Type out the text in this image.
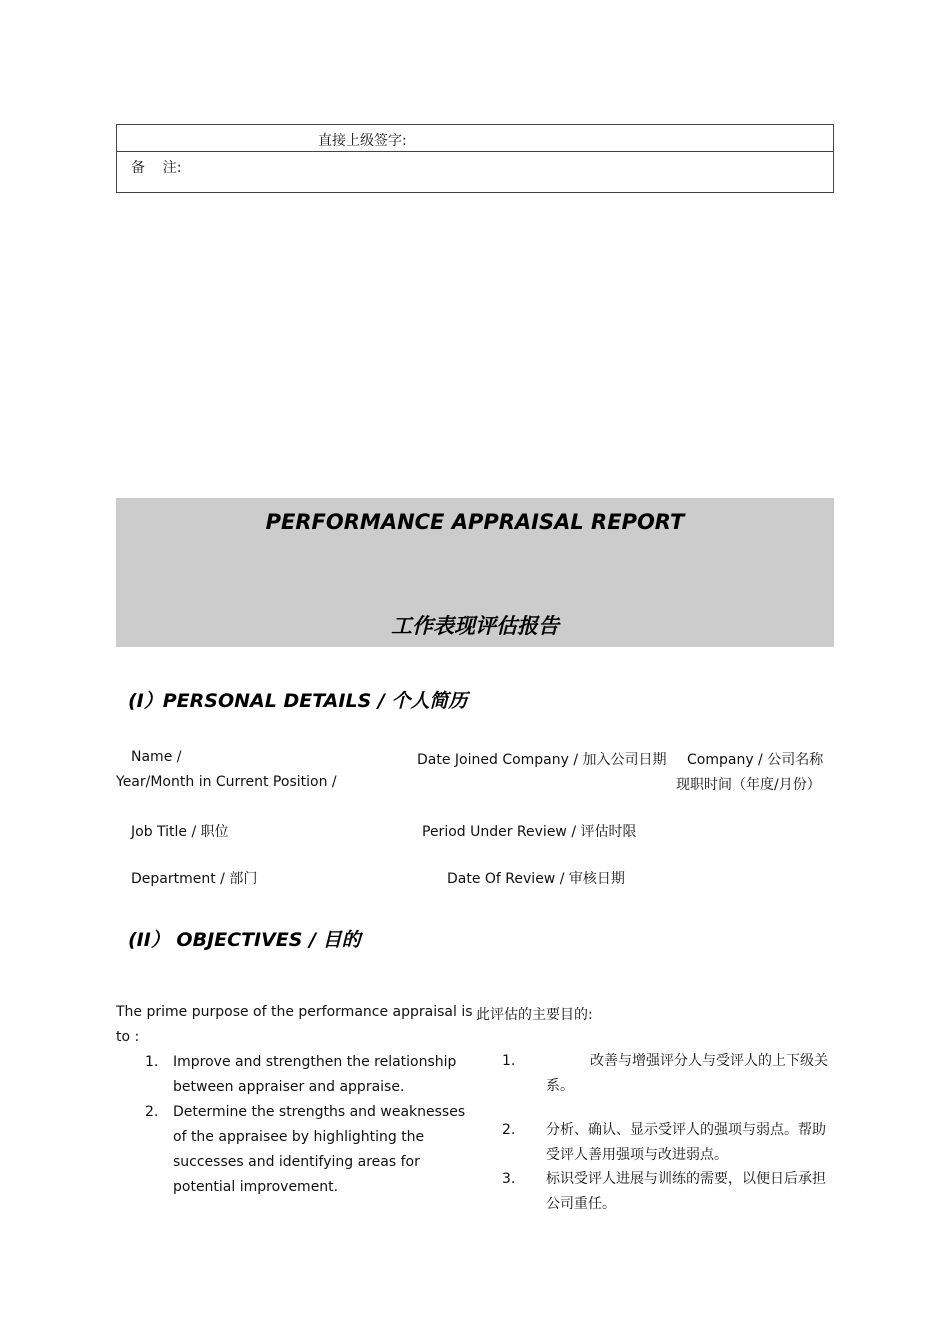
直接上级签字:
备    注:
PERFORMANCE APPRAISAL REPORT
工作表现评估报告
(I）PERSONAL DETAILS / 个人简历
Name /	Date Joined Company / 加入公司日期 Company / 公司名称
Year/Month in Current Position /	现职时间（年度/月份）
Job Title / 职位	Period Under Review / 评估时限
Department / 部门	Date Of Review / 审核日期
(II） OBJECTIVES / 目的
The prime purpose of the performance appraisal is to :
此评估的主要目的:
1. Improve and strengthen the relationship between appraiser and appraise.
2. Determine the strengths and weaknesses of the appraisee by highlighting the successes and identifying areas for potential improvement.
1.	改善与增强评分人与受评人的上下级关系。
2. 分析、确认、显示受评人的强项与弱点。帮助受评人善用强项与改进弱点。
3. 标识受评人进展与训练的需要，以便日后承担公司重任。
